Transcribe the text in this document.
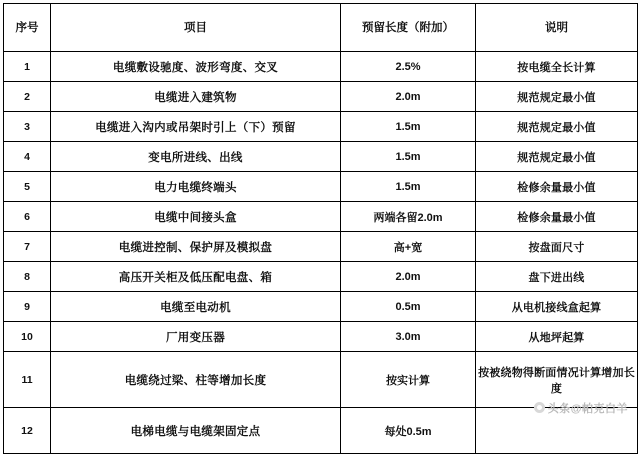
序号	项目	预留长度（附加）	说明
1	电缆敷设驰度、波形弯度、交叉	2.5%	按电缆全长计算
2	电缆进入建筑物	2.0m	规范规定最小值
3	电缆进入沟内或吊架时引上（下）预留	1.5m	规范规定最小值
4	变电所进线、出线	1.5m	规范规定最小值
5	电力电缆终端头	1.5m	检修余量最小值
6	电缆中间接头盒	两端各留2.0m	检修余量最小值
7	电缆进控制、保护屏及模拟盘	高+宽	按盘面尺寸
8	高压开关柜及低压配电盘、箱	2.0m	盘下进出线
9	电缆至电动机	0.5m	从电机接线盒起算
10	厂用变压器	3.0m	从地坪起算
11	电缆绕过梁、柱等增加长度	按实计算	按被绕物得断面情况计算增加长度
12	电梯电缆与电缆架固定点	每处0.5m	
头条@帕克白羊
